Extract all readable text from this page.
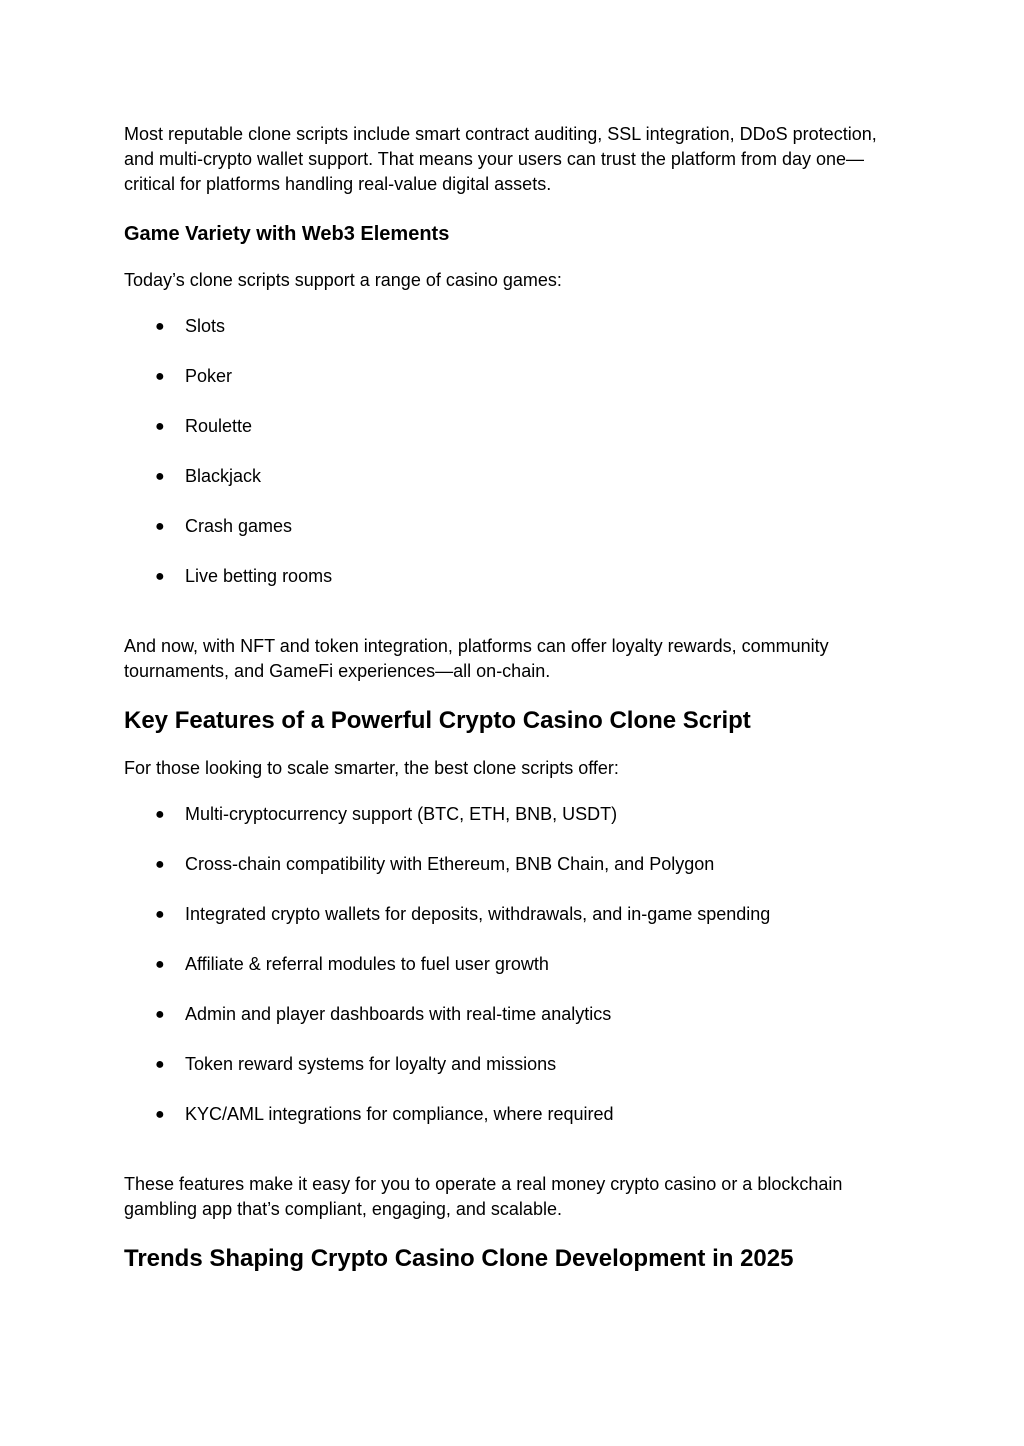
Most reputable clone scripts include smart contract auditing, SSL integration, DDoS protection, and multi-crypto wallet support. That means your users can trust the platform from day one—critical for platforms handling real-value digital assets.

Game Variety with Web3 Elements

Today’s clone scripts support a range of casino games:

● Slots
● Poker
● Roulette
● Blackjack
● Crash games
● Live betting rooms

And now, with NFT and token integration, platforms can offer loyalty rewards, community tournaments, and GameFi experiences—all on-chain.

Key Features of a Powerful Crypto Casino Clone Script

For those looking to scale smarter, the best clone scripts offer:

● Multi-cryptocurrency support (BTC, ETH, BNB, USDT)
● Cross-chain compatibility with Ethereum, BNB Chain, and Polygon
● Integrated crypto wallets for deposits, withdrawals, and in-game spending
● Affiliate & referral modules to fuel user growth
● Admin and player dashboards with real-time analytics
● Token reward systems for loyalty and missions
● KYC/AML integrations for compliance, where required

These features make it easy for you to operate a real money crypto casino or a blockchain gambling app that’s compliant, engaging, and scalable.

Trends Shaping Crypto Casino Clone Development in 2025
